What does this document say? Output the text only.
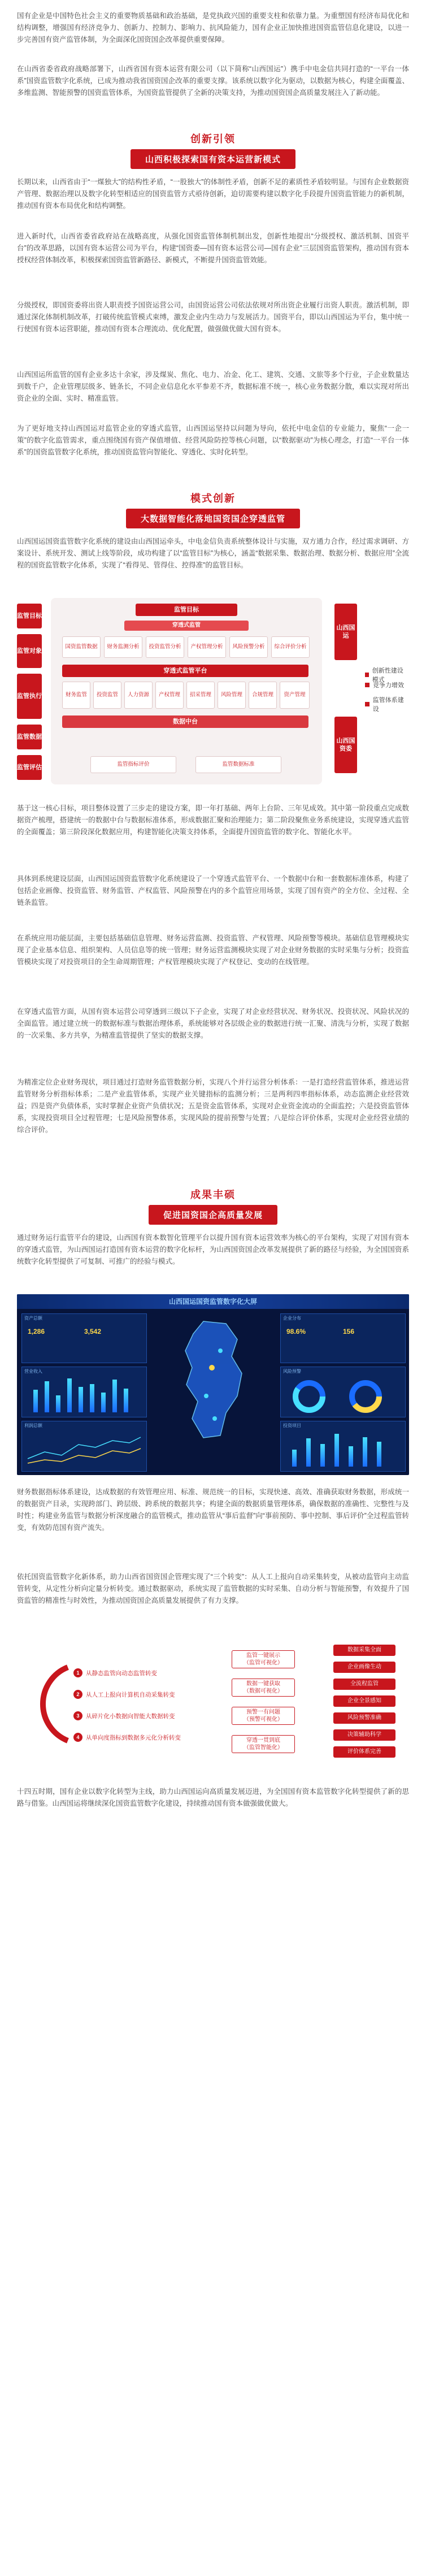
国有企业是中国特色社会主义的重要物质基础和政治基础，是党执政兴国的重要支柱和依靠力量。为重塑国有经济布局优化和结构调整，增强国有经济竞争力、创新力、控制力、影响力、抗风险能力，国有企业正加快推进国资监管信息化建设，以进一步完善国有资产监管体制，为全面深化国资国企改革提供重要保障。

在山西省委省政府战略部署下，山西省国有资本运营有限公司（以下简称“山西国运”）携手中电金信共同打造的“一平台一体系”国资监管数字化系统，已成为推动我省国资国企改革的重要支撑。该系统以数字化为驱动，以数据为核心，构建全面覆盖、多维监测、智能预警的国资监管体系，为国资监管提供了全新的决策支持，为推动国资国企高质量发展注入了新动能。

创新引领
山西积极探索国有资本运营新模式

长期以来，山西省由于“一煤独大”的结构性矛盾，“一股独大”的体制性矛盾，创新不足的素质性矛盾较明显。与国有企业数据资产管理、数据治理以及数字化转型相适应的国资监管方式亟待创新，迫切需要构建以数字化手段提升国资监管能力的新机制，推动国有资本布局优化和结构调整。

进入新时代，山西省委省政府站在战略高度，从强化国资监管体制机制出发，创新性地提出“分级授权、激活机制、国资平台”的改革思路，以国有资本运营公司为平台，构建“国资委—国有资本运营公司—国有企业”三层国资监管架构，推动国有资本授权经营体制改革，积极探索国资监管新路径、新模式，不断提升国资监管效能。

分级授权，即国资委将出资人职责授予国资运营公司，由国资运营公司依法依规对所出资企业履行出资人职责。激活机制，即通过深化体制机制改革，打破传统监管模式束缚，激发企业内生动力与发展活力。国资平台，即以山西国运为平台，集中统一行使国有资本运营职能，推动国有资本合理流动、优化配置，做强做优做大国有资本。

山西国运所监管的国有企业多达十余家，涉及煤炭、焦化、电力、冶金、化工、建筑、交通、文旅等多个行业，子企业数量达到数千户，企业管理层级多、链条长，不同企业信息化水平参差不齐，数据标准不统一，核心业务数据分散，难以实现对所出资企业的全面、实时、精准监管。

为了更好地支持山西国运对监管企业的穿透式监管，山西国运坚持以问题为导向，依托中电金信的专业能力，聚焦“一企一策”的数字化监管需求，重点围绕国有资产保值增值、经营风险防控等核心问题，以“数据驱动”为核心理念，打造“一平台一体系”的国资监管数字化系统，推动国资监管向智能化、穿透化、实时化转型。

模式创新
大数据智能化落地国资国企穿透监管

山西国运国资监管数字化系统的建设由山西国运牵头，中电金信负责系统整体设计与实施，双方通力合作，经过需求调研、方案设计、系统开发、测试上线等阶段，成功构建了以“监管目标”为核心，涵盖“数据采集、数据治理、数据分析、数据应用”全流程的国资监管数字化体系，实现了“看得见、管得住、控得准”的监管目标。

监管目标
监管对象
监管执行
监管数据
监管评估
监管目标
穿透式监管
国资监管数据	财务监测分析	投资监管分析	产权管理分析	风险预警分析	综合评价分析
穿透式监管平台
财务监管	投资监管	人力资源	产权管理	招采管理	风险管理	合规管理	资产管理
数据中台
监管指标评价	监管数据标准
山西国运
山西国资委
创新性建设模式
竞争力增效
监管体系建设

基于这一核心目标，项目整体设置了三步走的建设方案，即一年打基础、两年上台阶、三年见成效。其中第一阶段重点完成数据资产梳理，搭建统一的数据中台与数据标准体系，形成数据汇聚和治理能力；第二阶段聚焦业务系统建设，实现穿透式监管的全面覆盖；第三阶段深化数据应用，构建智能化决策支持体系，全面提升国资监管的数字化、智能化水平。

具体到系统建设层面，山西国运国资监管数字化系统建设了一个穿透式监管平台、一个数据中台和一套数据标准体系，构建了包括企业画像、投资监管、财务监管、产权监管、风险预警在内的多个监管应用场景，实现了国有资产的全方位、全过程、全链条监管。

在系统应用功能层面，主要包括基础信息管理、财务运营监测、投资监管、产权管理、风险预警等模块。基础信息管理模块实现了企业基本信息、组织架构、人员信息等的统一管理；财务运营监测模块实现了对企业财务数据的实时采集与分析；投资监管模块实现了对投资项目的全生命周期管理；产权管理模块实现了产权登记、变动的在线管理。

在穿透式监管方面，从国有资本运营公司穿透到三级以下子企业，实现了对企业经营状况、财务状况、投资状况、风险状况的全面监管。通过建立统一的数据标准与数据治理体系，系统能够对各层级企业的数据进行统一汇聚、清洗与分析，实现了数据的一次采集、多方共享，为精准监管提供了坚实的数据支撑。

为精准定位企业财务现状，项目通过打造财务监管数据分析，实现八个并行运营分析体系：一是打造经营监管体系，推进运营监管财务分析指标体系；二是产业监管体系，实现产业关键指标的监测分析；三是两利四率指标体系，动态监测企业经营效益；四是资产负债体系，实时掌握企业资产负债状况；五是资金监管体系，实现对企业资金流动的全面监控；六是投资监管体系，实现投资项目全过程管理；七是风险预警体系，实现风险的提前预警与处置；八是综合评价体系，实现对企业经营业绩的综合评价。

成果丰硕
促进国资国企高质量发展

通过财务运行监管平台的建设，山西国有资本数智化管理平台以提升国有资本运营效率为核心的平台架构，实现了对国有资本的穿透式监管，为山西国运打造国有资本运营的数字化标杆，为山西国资国企改革发展提供了新的路径与经验，为全国国资系统数字化转型提供了可复制、可推广的经验与模式。

山西国运国资监管数字化大屏
资产总额
1,286	3,542
营业收入
利润总额
企业分布
98.6%	156
风险预警
投资项目

财务数据指标体系建设，达成数据的有效管理应用、标准、规范统一的目标，实现快速、高效、准确获取财务数据，形成统一的数据资产目录，实现跨部门、跨层级、跨系统的数据共享；构建全面的数据质量管理体系，确保数据的准确性、完整性与及时性；构建业务监管与数据分析深度融合的监管模式，推动监管从“事后监督”向“事前预防、事中控制、事后评价”全过程监管转变，有效防范国有资产流失。

依托国资监管数字化新体系，助力山西省国资国企管理实现了“三个转变”：从人工上报向自动采集转变，从被动监管向主动监管转变，从定性分析向定量分析转变。通过数据驱动，系统实现了监管数据的实时采集、自动分析与智能预警，有效提升了国资监管的精准性与时效性，为推动国资国企高质量发展提供了有力支撑。

1	从静态监管向动态监管转变
2	从人工上报向计算机自动采集转变
3	从碎片化小数据向智能大数据转变
4	从单向度指标到数据多元化分析转变
监管一键展示
（监管可视化）
数据一键获取
（数据可视化）
预警一有问题
（预警可视化）
穿透一贯到底
（监管智能化）
数据采集全面
企业画像生动
全流程监管
企业全景感知
风险预警准确
决策辅助科学
评价体系完善

十四五时期，国有企业以数字化转型为主线，助力山西国运向高质量发展迈进，为全国国有资本监管数字化转型提供了新的思路与借鉴。山西国运将继续深化国资监管数字化建设，持续推动国有资本做强做优做大。
